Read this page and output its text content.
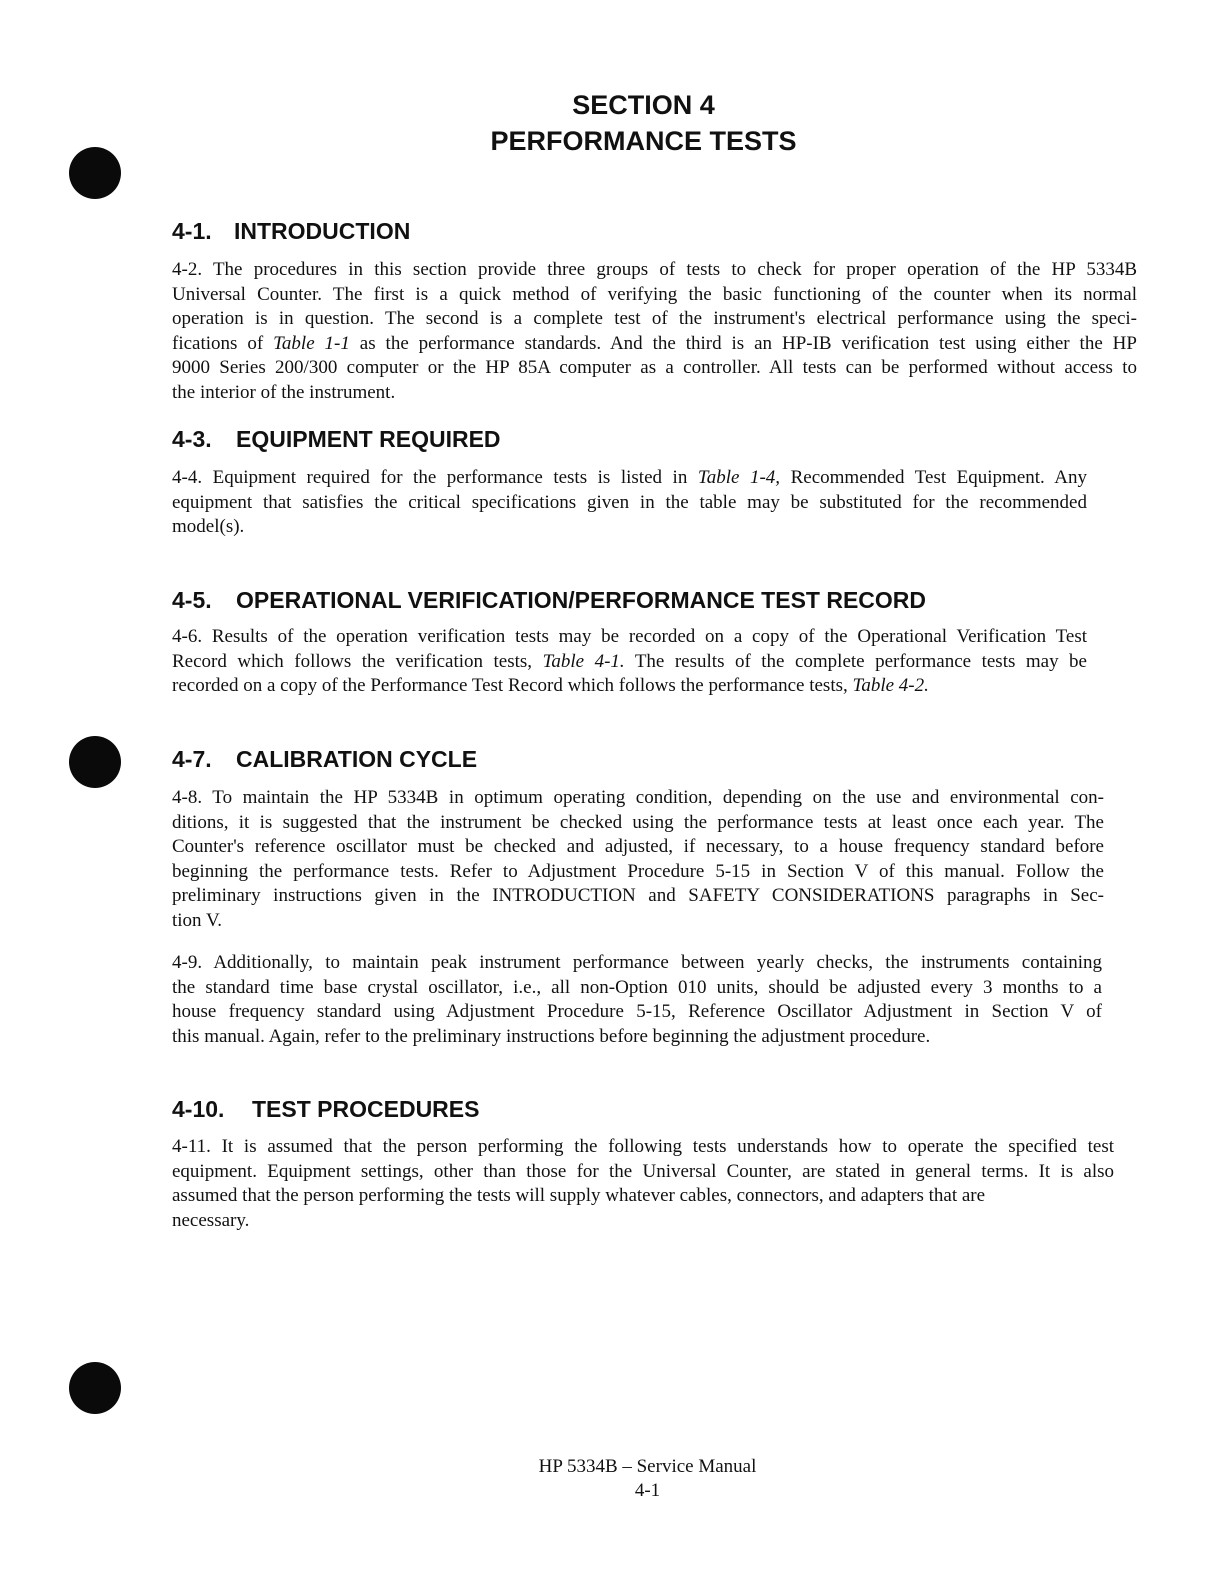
SECTION 4
PERFORMANCE TESTS
4-1. INTRODUCTION
4-2. The procedures in this section provide three groups of tests to check for proper operation of the HP 5334B
Universal Counter. The first is a quick method of verifying the basic functioning of the counter when its normal
operation is in question. The second is a complete test of the instrument's electrical performance using the speci-
fications of Table 1-1 as the performance standards. And the third is an HP-IB verification test using either the HP
9000 Series 200/300 computer or the HP 85A computer as a controller. All tests can be performed without access to
the interior of the instrument.
4-3. EQUIPMENT REQUIRED
4-4. Equipment required for the performance tests is listed in Table 1-4, Recommended Test Equipment. Any
equipment that satisfies the critical specifications given in the table may be substituted for the recommended
model(s).
4-5. OPERATIONAL VERIFICATION/PERFORMANCE TEST RECORD
4-6. Results of the operation verification tests may be recorded on a copy of the Operational Verification Test
Record which follows the verification tests, Table 4-1. The results of the complete performance tests may be
recorded on a copy of the Performance Test Record which follows the performance tests, Table 4-2.
4-7. CALIBRATION CYCLE
4-8. To maintain the HP 5334B in optimum operating condition, depending on the use and environmental con-
ditions, it is suggested that the instrument be checked using the performance tests at least once each year. The
Counter's reference oscillator must be checked and adjusted, if necessary, to a house frequency standard before
beginning the performance tests. Refer to Adjustment Procedure 5-15 in Section V of this manual. Follow the
preliminary instructions given in the INTRODUCTION and SAFETY CONSIDERATIONS paragraphs in Sec-
tion V.
4-9. Additionally, to maintain peak instrument performance between yearly checks, the instruments containing
the standard time base crystal oscillator, i.e., all non-Option 010 units, should be adjusted every 3 months to a
house frequency standard using Adjustment Procedure 5-15, Reference Oscillator Adjustment in Section V of
this manual. Again, refer to the preliminary instructions before beginning the adjustment procedure.
4-10. TEST PROCEDURES
4-11. It is assumed that the person performing the following tests understands how to operate the specified test
equipment. Equipment settings, other than those for the Universal Counter, are stated in general terms. It is also
assumed that the person performing the tests will supply whatever cables, connectors, and adapters that are
necessary.
HP 5334B – Service Manual
4-1
